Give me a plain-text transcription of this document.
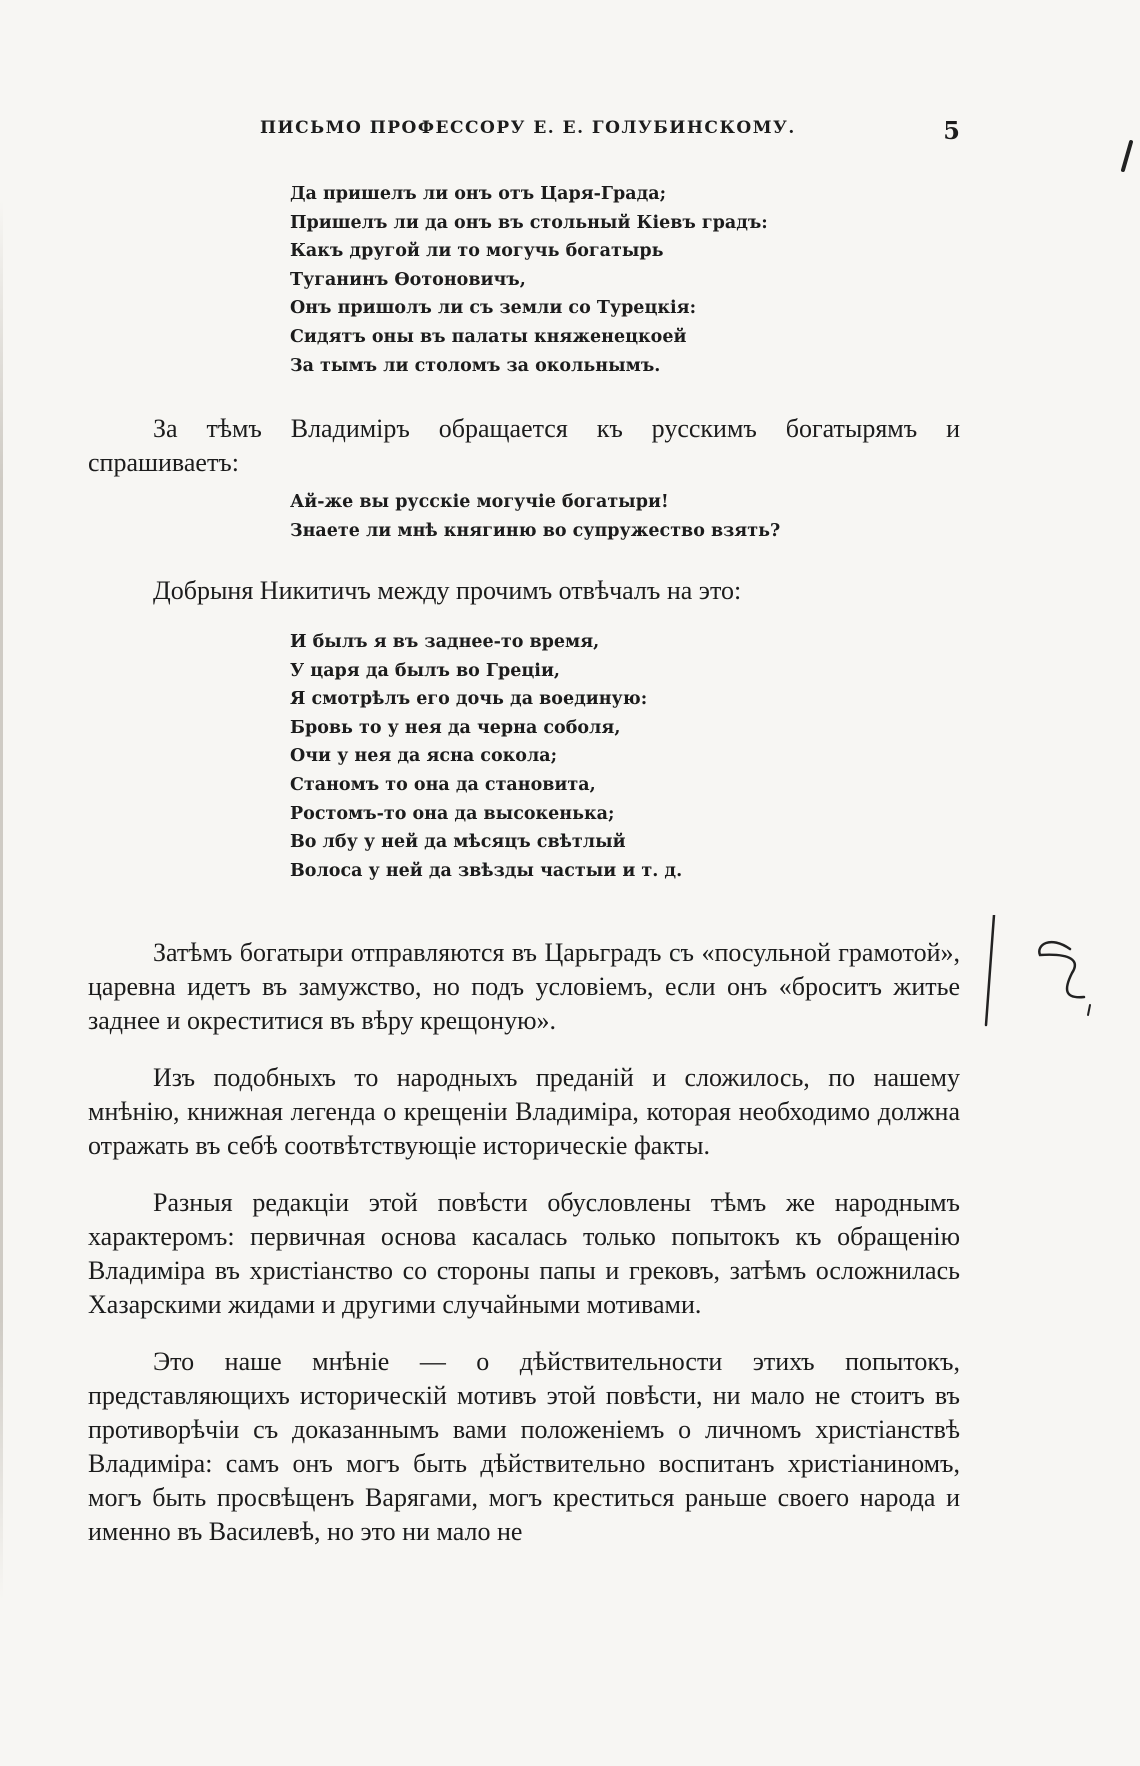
ПИСЬМО ПРОФЕССОРУ Е. Е. ГОЛУБИНСКОМУ.	5
Да пришелъ ли онъ отъ Царя-Града;
Пришелъ ли да онъ въ стольный Кіевъ градъ:
Какъ другой ли то могучь богатырь
Туганинъ Өотоновичъ,
Онъ пришолъ ли съ земли со Турецкія:
Сидятъ оны въ палаты княженецкоей
За тымъ ли столомъ за окольнымъ.

За тѣмъ Владиміръ обращается къ русскимъ богатырямъ и спрашиваетъ:

Ай-же вы русскіе могучіе богатыри!
Знаете ли мнѣ княгиню во супружество взять?

Добрыня Никитичъ между прочимъ отвѣчалъ на это:

И былъ я въ заднее-то время,
У царя да былъ во Греціи,
Я смотрѣлъ его дочь да воединую:
Бровь то у нея да черна соболя,
Очи у нея да ясна сокола;
Станомъ то она да становита,
Ростомъ-то она да высокенька;
Во лбу у ней да мѣсяцъ свѣтлый
Волоса у ней да звѣзды частыи и т. д.

Затѣмъ богатыри отправляются въ Царьградъ съ «посульной грамотой», царевна идетъ въ замужство, но подъ условіемъ, если онъ «броситъ житье заднее и окреститися въ вѣру крещоную».

Изъ подобныхъ то народныхъ преданій и сложилось, по нашему мнѣнію, книжная легенда о крещеніи Владиміра, которая необходимо должна отражать въ себѣ соотвѣтствующіе историческіе факты.

Разныя редакціи этой повѣсти обусловлены тѣмъ же народнымъ характеромъ: первичная основа касалась только попытокъ къ обращенію Владиміра въ христіанство со стороны папы и грековъ, затѣмъ осложнилась Хазарскими жидами и другими случайными мотивами.

Это наше мнѣніе — о дѣйствительности этихъ попытокъ, представляющихъ историческій мотивъ этой повѣсти, ни мало не стоитъ въ противорѣчіи съ доказаннымъ вами положеніемъ о личномъ христіанствѣ Владиміра: самъ онъ могъ быть дѣйствительно воспитанъ христіаниномъ, могъ быть просвѣщенъ Варягами, могъ креститься раньше своего народа и именно въ Василевѣ, но это ни мало не
